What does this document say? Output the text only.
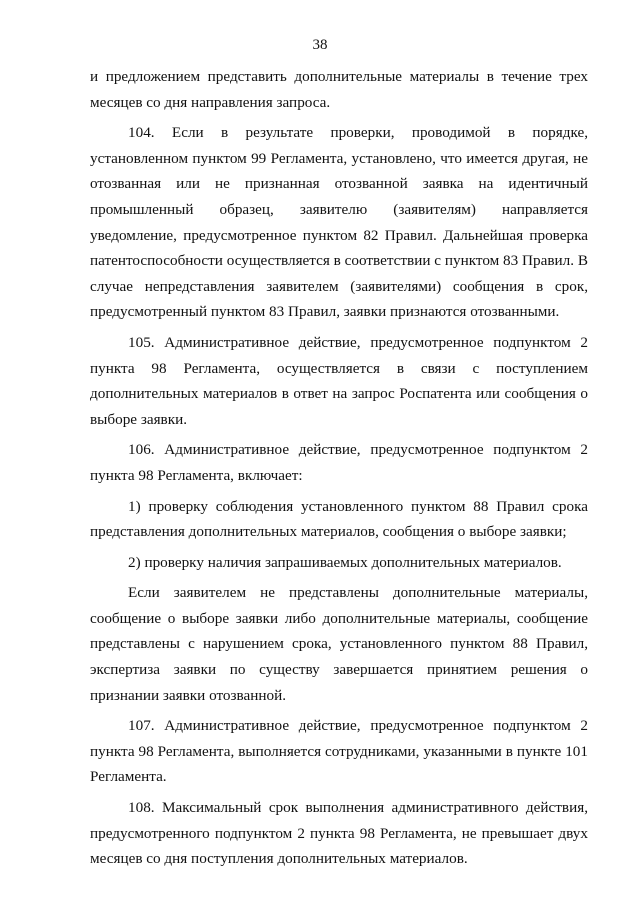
38

и предложением представить дополнительные материалы в течение трех месяцев со дня направления запроса.

104. Если в результате проверки, проводимой в порядке, установленном пунктом 99 Регламента, установлено, что имеется другая, не отозванная или не признанная отозванной заявка на идентичный промышленный образец, заявителю (заявителям) направляется уведомление, предусмотренное пунктом 82 Правил. Дальнейшая проверка патентоспособности осуществляется в соответствии с пунктом 83 Правил. В случае непредставления заявителем (заявителями) сообщения в срок, предусмотренный пунктом 83 Правил, заявки признаются отозванными.

105. Административное действие, предусмотренное подпунктом 2 пункта 98 Регламента, осуществляется в связи с поступлением дополнительных материалов в ответ на запрос Роспатента или сообщения о выборе заявки.

106. Административное действие, предусмотренное подпунктом 2 пункта 98 Регламента, включает:

1) проверку соблюдения установленного пунктом 88 Правил срока представления дополнительных материалов, сообщения о выборе заявки;

2) проверку наличия запрашиваемых дополнительных материалов.

Если заявителем не представлены дополнительные материалы, сообщение о выборе заявки либо дополнительные материалы, сообщение представлены с нарушением срока, установленного пунктом 88 Правил, экспертиза заявки по существу завершается принятием решения о признании заявки отозванной.

107. Административное действие, предусмотренное подпунктом 2 пункта 98 Регламента, выполняется сотрудниками, указанными в пункте 101 Регламента.

108. Максимальный срок выполнения административного действия, предусмотренного подпунктом 2 пункта 98 Регламента, не превышает двух месяцев со дня поступления дополнительных материалов.
